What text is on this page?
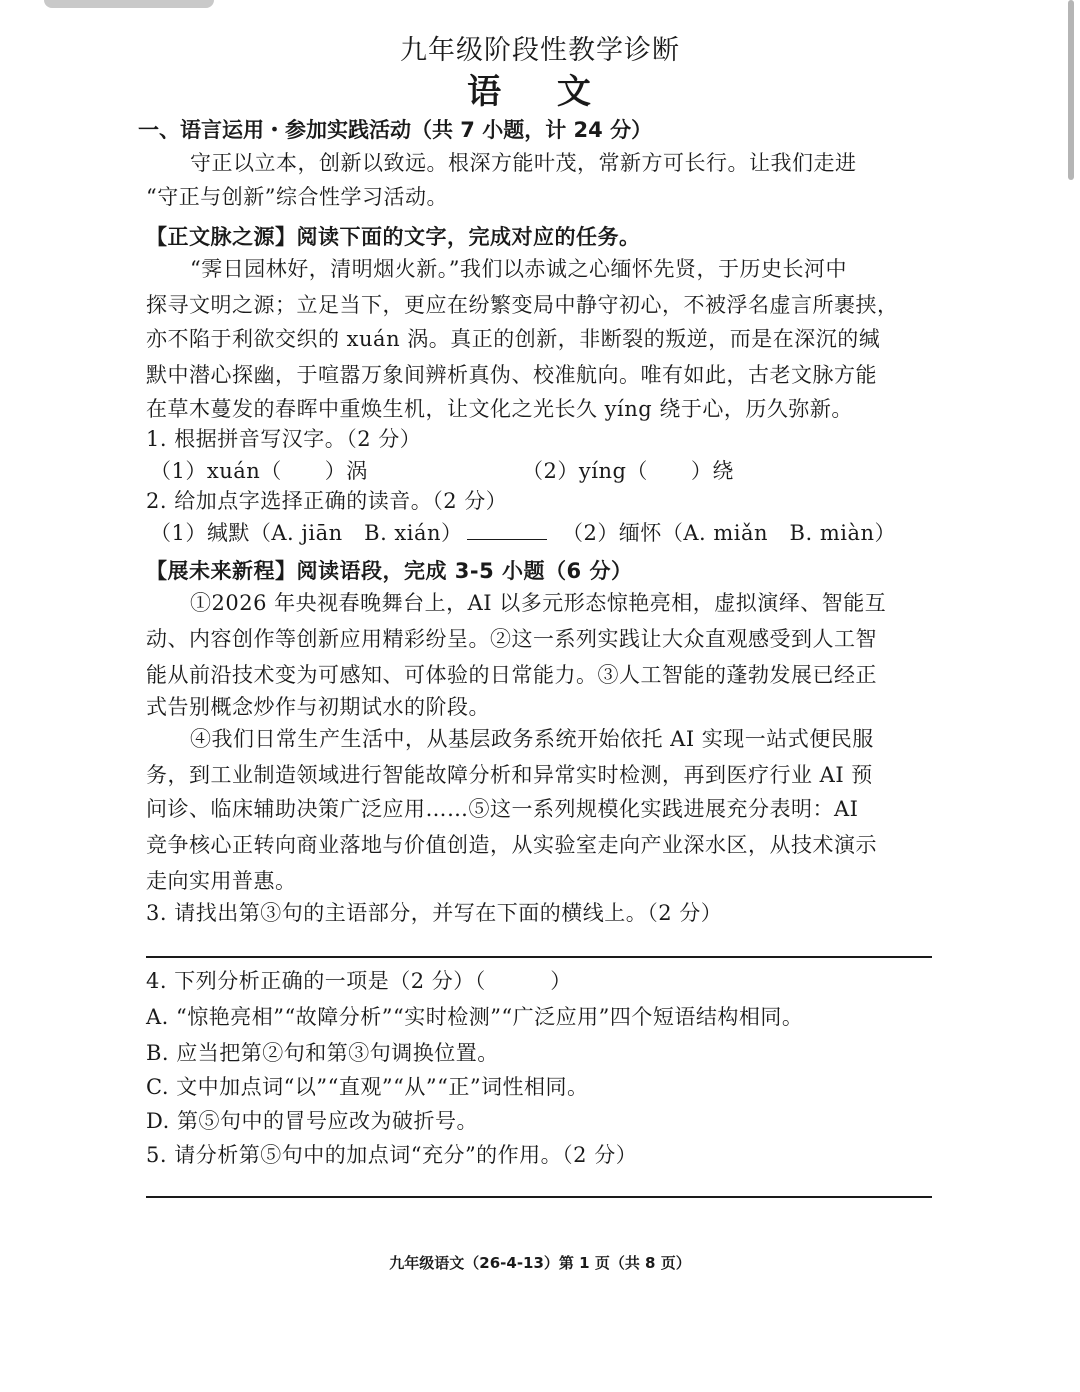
九年级阶段性教学诊断
语 文
一、语言运用・参加实践活动（共 7 小题，计 24 分）
守正以立本，创新以致远。根深方能叶茂，常新方可长行。让我们走进
“守正与创新”综合性学习活动。
【正文脉之源】阅读下面的文字，完成对应的任务。
“霁日园林好，清明烟火新。”我们以赤诚之心缅怀先贤，于历史长河中
探寻文明之源；立足当下，更应在纷繁变局中静守初心，不被浮名虚言所裹挟，
亦不陷于利欲交织的 xuán 涡。真正的创新，非断裂的叛逆，而是在深沉的缄
默中潜心探幽，于喧嚣万象间辨析真伪、校准航向。唯有如此，古老文脉方能
在草木蔓发的春晖中重焕生机，让文化之光长久 yíng 绕于心，历久弥新。
1. 根据拼音写汉字。（2 分）
（1）xuán（　　）涡	（2）yíng（　　）绕
2. 给加点字选择正确的读音。（2 分）
（1）缄默（A. jiān　B. xián）	（2）缅怀（A. miǎn　B. miàn）
【展未来新程】阅读语段，完成 3-5 小题（6 分）
①2026 年央视春晚舞台上，AI 以多元形态惊艳亮相，虚拟演绎、智能互
动、内容创作等创新应用精彩纷呈。②这一系列实践让大众直观感受到人工智
能从前沿技术变为可感知、可体验的日常能力。③人工智能的蓬勃发展已经正
式告别概念炒作与初期试水的阶段。
④我们日常生产生活中，从基层政务系统开始依托 AI 实现一站式便民服
务，到工业制造领域进行智能故障分析和异常实时检测，再到医疗行业 AI 预
问诊、临床辅助决策广泛应用……⑤这一系列规模化实践进展充分表明：AI
竞争核心正转向商业落地与价值创造，从实验室走向产业深水区，从技术演示
走向实用普惠。
3. 请找出第③句的主语部分，并写在下面的横线上。（2 分）
4. 下列分析正确的一项是（2 分）（　　　）
A. “惊艳亮相”“故障分析”“实时检测”“广泛应用”四个短语结构相同。
B. 应当把第②句和第③句调换位置。
C. 文中加点词“以”“直观”“从”“正”词性相同。
D. 第⑤句中的冒号应改为破折号。
5. 请分析第⑤句中的加点词“充分”的作用。（2 分）
九年级语文（26-4-13）第 1 页（共 8 页）
